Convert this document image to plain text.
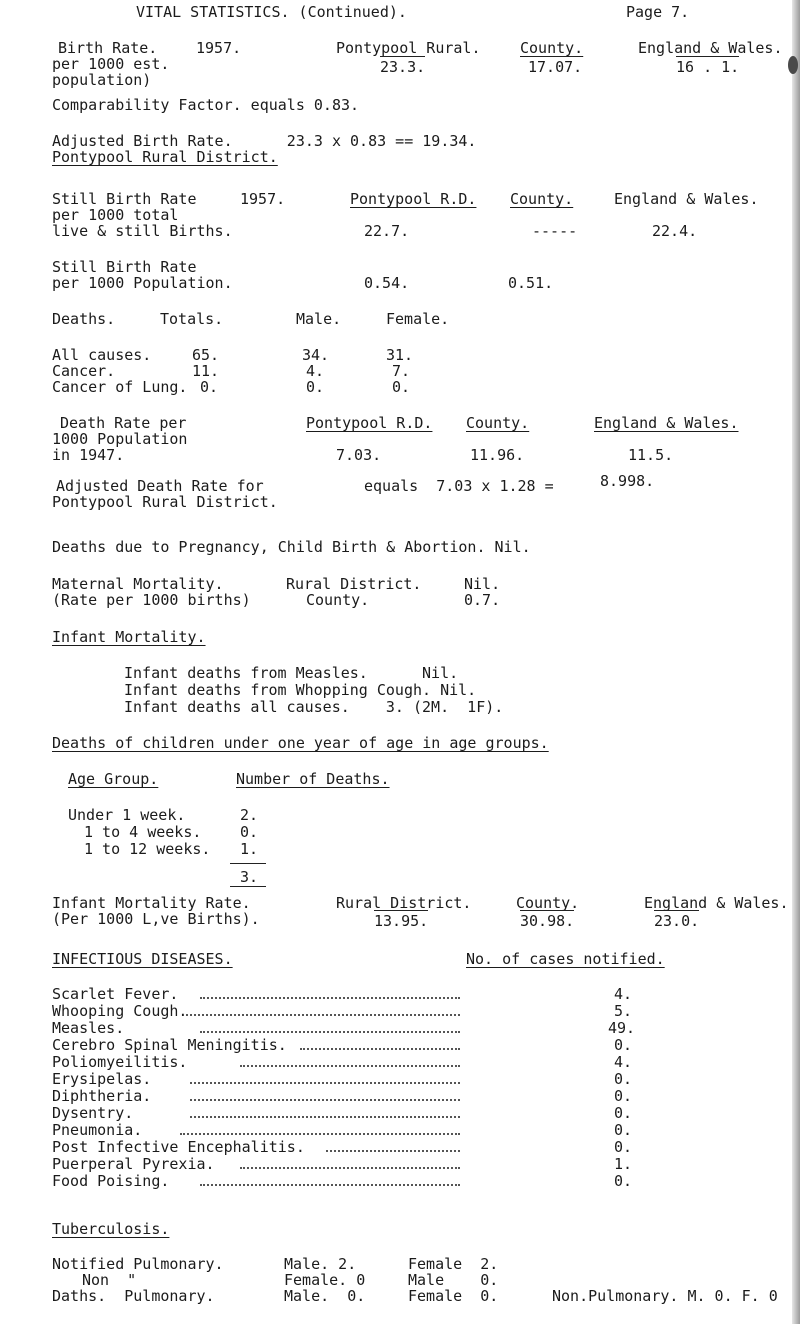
VITAL STATISTICS. (Continued).	Page 7.
Birth Rate.	1957.	Pontypool Rural.	County.	England & Wales.
per 1000 est.	23.3.	17.07.	16 . 1.
population)
Comparability Factor. equals 0.83.
Adjusted Birth Rate.      23.3 x 0.83 == 19.34.
Pontypool Rural District.
Still Birth Rate	1957.	Pontypool R.D. County.	England & Wales.
per 1000 total
live & still Births.	22.7.	-----	22.4.
Still Birth Rate
per 1000 Population.	0.54.	0.51.
Deaths.	Totals.	Male.	Female.
All causes.	65.	34.	31.
Cancer.	11.	4.	7.
Cancer of Lung. 0.	0.	0.
Death Rate per	Pontypool R.D. County.	England & Wales.
1000 Population
in 1947.	7.03.	11.96.	11.5.
Adjusted Death Rate for	equals  7.03 x 1.28 =	8.998.
Pontypool Rural District.
Deaths due to Pregnancy, Child Birth & Abortion. Nil.
Maternal Mortality.	Rural District.	Nil.
(Rate per 1000 births)	County.	0.7.
Infant Mortality.
Infant deaths from Measles.      Nil.
Infant deaths from Whopping Cough. Nil.
Infant deaths all causes.    3. (2M.  1F).
Deaths of children under one year of age in age groups.
Age Group.	Number of Deaths.
Under 1 week.	2.
1 to 4 weeks.	0.
1 to 12 weeks. 1.
3.
Infant Mortality Rate.
(Per 1000 L,ve Births).
Rural District.	County.	England & Wales.
13.95.	30.98.	23.0.
INFECTIOUS DISEASES.	No. of cases notified.
Scarlet Fever.	4.
Whooping Cough.	5.
Measles.	49.
Cerebro Spinal Meningitis.	0.
Poliomyeilitis.	4.
Erysipelas.	0.
Diphtheria.	0.
Dysentry.	0.
Pneumonia.	0.
Post Infective Encephalitis.	0.
Puerperal Pyrexia.	1.
Food Poising.	0.
Tuberculosis.
Notified Pulmonary.	Male. 2.	Female  2.
Non  "	Female. 0	Male    0.
Daths.  Pulmonary.	Male.  0.	Female  0.	Non.Pulmonary. M. 0. F. 0
